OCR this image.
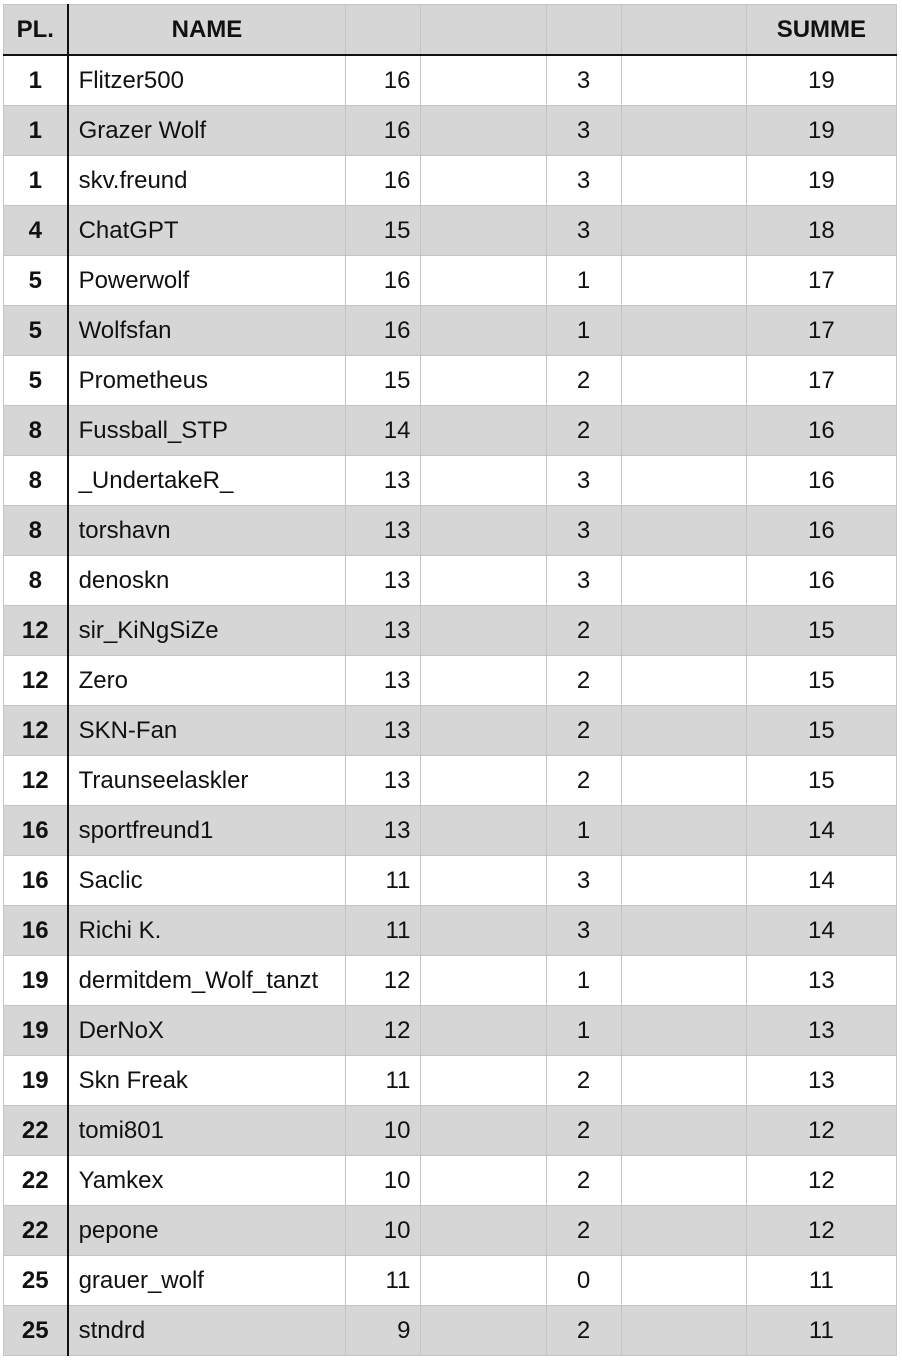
PL.	NAME					SUMME
1	Flitzer500	16		3		19
1	Grazer Wolf	16		3		19
1	skv.freund	16		3		19
4	ChatGPT	15		3		18
5	Powerwolf	16		1		17
5	Wolfsfan	16		1		17
5	Prometheus	15		2		17
8	Fussball_STP	14		2		16
8	_UndertakeR_	13		3		16
8	torshavn	13		3		16
8	denoskn	13		3		16
12	sir_KiNgSiZe	13		2		15
12	Zero	13		2		15
12	SKN-Fan	13		2		15
12	Traunseelaskler	13		2		15
16	sportfreund1	13		1		14
16	Saclic	11		3		14
16	Richi K.	11		3		14
19	dermitdem_Wolf_tanzt	12		1		13
19	DerNoX	12		1		13
19	Skn Freak	11		2		13
22	tomi801	10		2		12
22	Yamkex	10		2		12
22	pepone	10		2		12
25	grauer_wolf	11		0		11
25	stndrd	9		2		11
